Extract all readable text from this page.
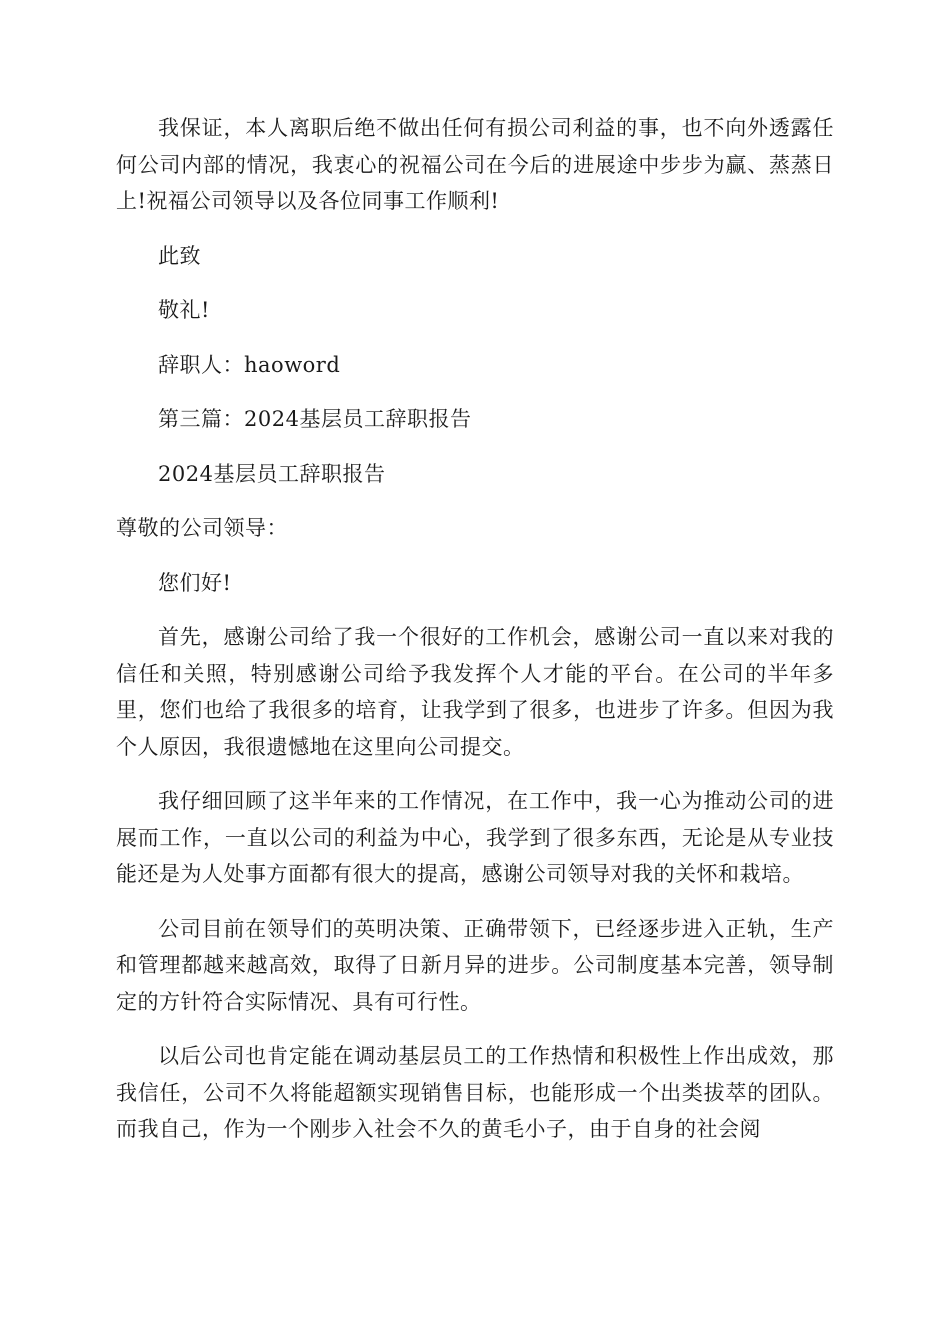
我保证，本人离职后绝不做出任何有损公司利益的事，也不向外透露任何公司内部的情况，我衷心的祝福公司在今后的进展途中步步为赢、蒸蒸日上!祝福公司领导以及各位同事工作顺利!

此致

敬礼!

辞职人：haoword

第三篇：2024基层员工辞职报告

2024基层员工辞职报告

尊敬的公司领导：

您们好!

首先，感谢公司给了我一个很好的工作机会，感谢公司一直以来对我的信任和关照，特别感谢公司给予我发挥个人才能的平台。在公司的半年多里，您们也给了我很多的培育，让我学到了很多，也进步了许多。但因为我个人原因，我很遗憾地在这里向公司提交。

我仔细回顾了这半年来的工作情况，在工作中，我一心为推动公司的进展而工作，一直以公司的利益为中心，我学到了很多东西，无论是从专业技能还是为人处事方面都有很大的提高，感谢公司领导对我的关怀和栽培。

公司目前在领导们的英明决策、正确带领下，已经逐步进入正轨，生产和管理都越来越高效，取得了日新月异的进步。公司制度基本完善，领导制定的方针符合实际情况、具有可行性。

以后公司也肯定能在调动基层员工的工作热情和积极性上作出成效，那我信任，公司不久将能超额实现销售目标，也能形成一个出类拔萃的团队。而我自己，作为一个刚步入社会不久的黄毛小子，由于自身的社会阅
